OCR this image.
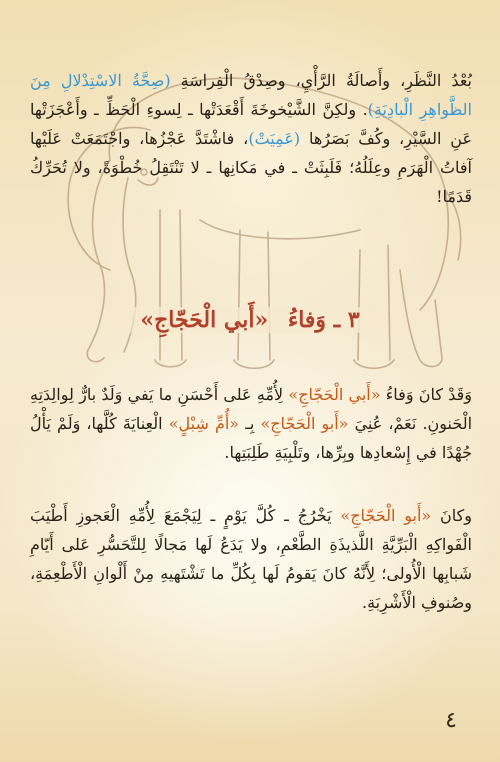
بُعْدُ النَّظَرِ، وأَصالَةُ الرَّأْيِ، وصِدْقُ الْفِراسَةِ (صِحَّةُ الاسْتِدْلالِ مِنَ الظَّواهِرِ الْبادِيَةِ). ولكِنَّ الشَّيْخوخَةَ أَقْعَدَتْها ـ لِسوءِ الْحَظِّ ـ وأَعْجَزَتْها عَنِ السَّيْرِ، وكُفَّ بَصَرُها (عَمِيَتْ)، فاشْتَدَّ عَجْزُها، واجْتَمَعَتْ عَلَيْها آفاتُ الْهَرَمِ وعِلَلُهُ؛ فَلَبِثَتْ ـ في مَكانِها ـ لا تَنْتَقِلُ خُطْوَةً، ولا تُحَرِّكُ قَدَمًا!

٣ ـ وَفاءُ «أَبي الْحَجّاجِ»

وَقَدْ كانَ وَفاءُ «أَبي الْحَجّاجِ» لِأُمِّهِ عَلى أَحْسَنِ ما يَفي وَلَدٌ بارٌّ لِوالِدَتِهِ الْحَنونِ. نَعَمْ، عُنِيَ «أَبو الْحَجّاجِ» بِـ «أُمِّ شِبْلٍ» الْعِنايَةَ كُلَّها، وَلَمْ يَأْلُ جُهْدًا في إِسْعادِها وبِرِّها، وتَلْبِيَةِ طَلِبَتِها.

وكانَ «أَبو الْحَجّاجِ» يَخْرُجُ ـ كُلَّ يَوْمٍ ـ لِيَجْمَعَ لِأُمِّهِ الْعَجوزِ أَطْيَبَ الْفَواكِهِ الْبَرِّيَّةِ اللَّذيذَةِ الطَّعْمِ، ولا يَدَعُ لَها مَجالًا لِلتَّحَسُّرِ عَلى أَيّامِ شَبابِها الْأُولى؛ لِأَنَّهُ كانَ يَقومُ لَها بِكُلِّ ما تَشْتَهيهِ مِنْ أَلْوانِ الْأَطْعِمَةِ، وصُنوفِ الْأَشْرِبَةِ.

٤
